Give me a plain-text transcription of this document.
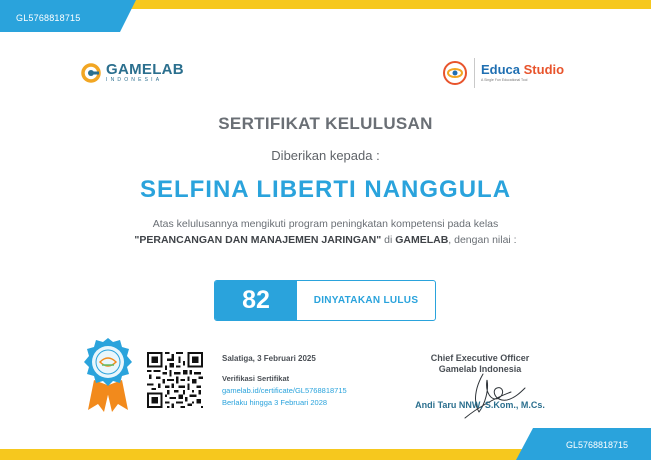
GL5768818715
GL5768818715
GAMELAB
INDONESIA
Educa Studio
A Single Fun Educational Tool
SERTIFIKAT KELULUSAN
Diberikan kepada :
SELFINA LIBERTI NANGGULA
Atas kelulusannya mengikuti program peningkatan kompetensi pada kelas
"PERANCANGAN DAN MANAJEMEN JARINGAN" di GAMELAB, dengan nilai :
82	DINYATAKAN LULUS
Salatiga, 3 Februari 2025
Verifikasi Sertifikat
gamelab.id/certificate/GL5768818715
Berlaku hingga 3 Februari 2028
Chief Executive Officer
Gamelab Indonesia
Andi Taru NNW, S.Kom., M.Cs.
